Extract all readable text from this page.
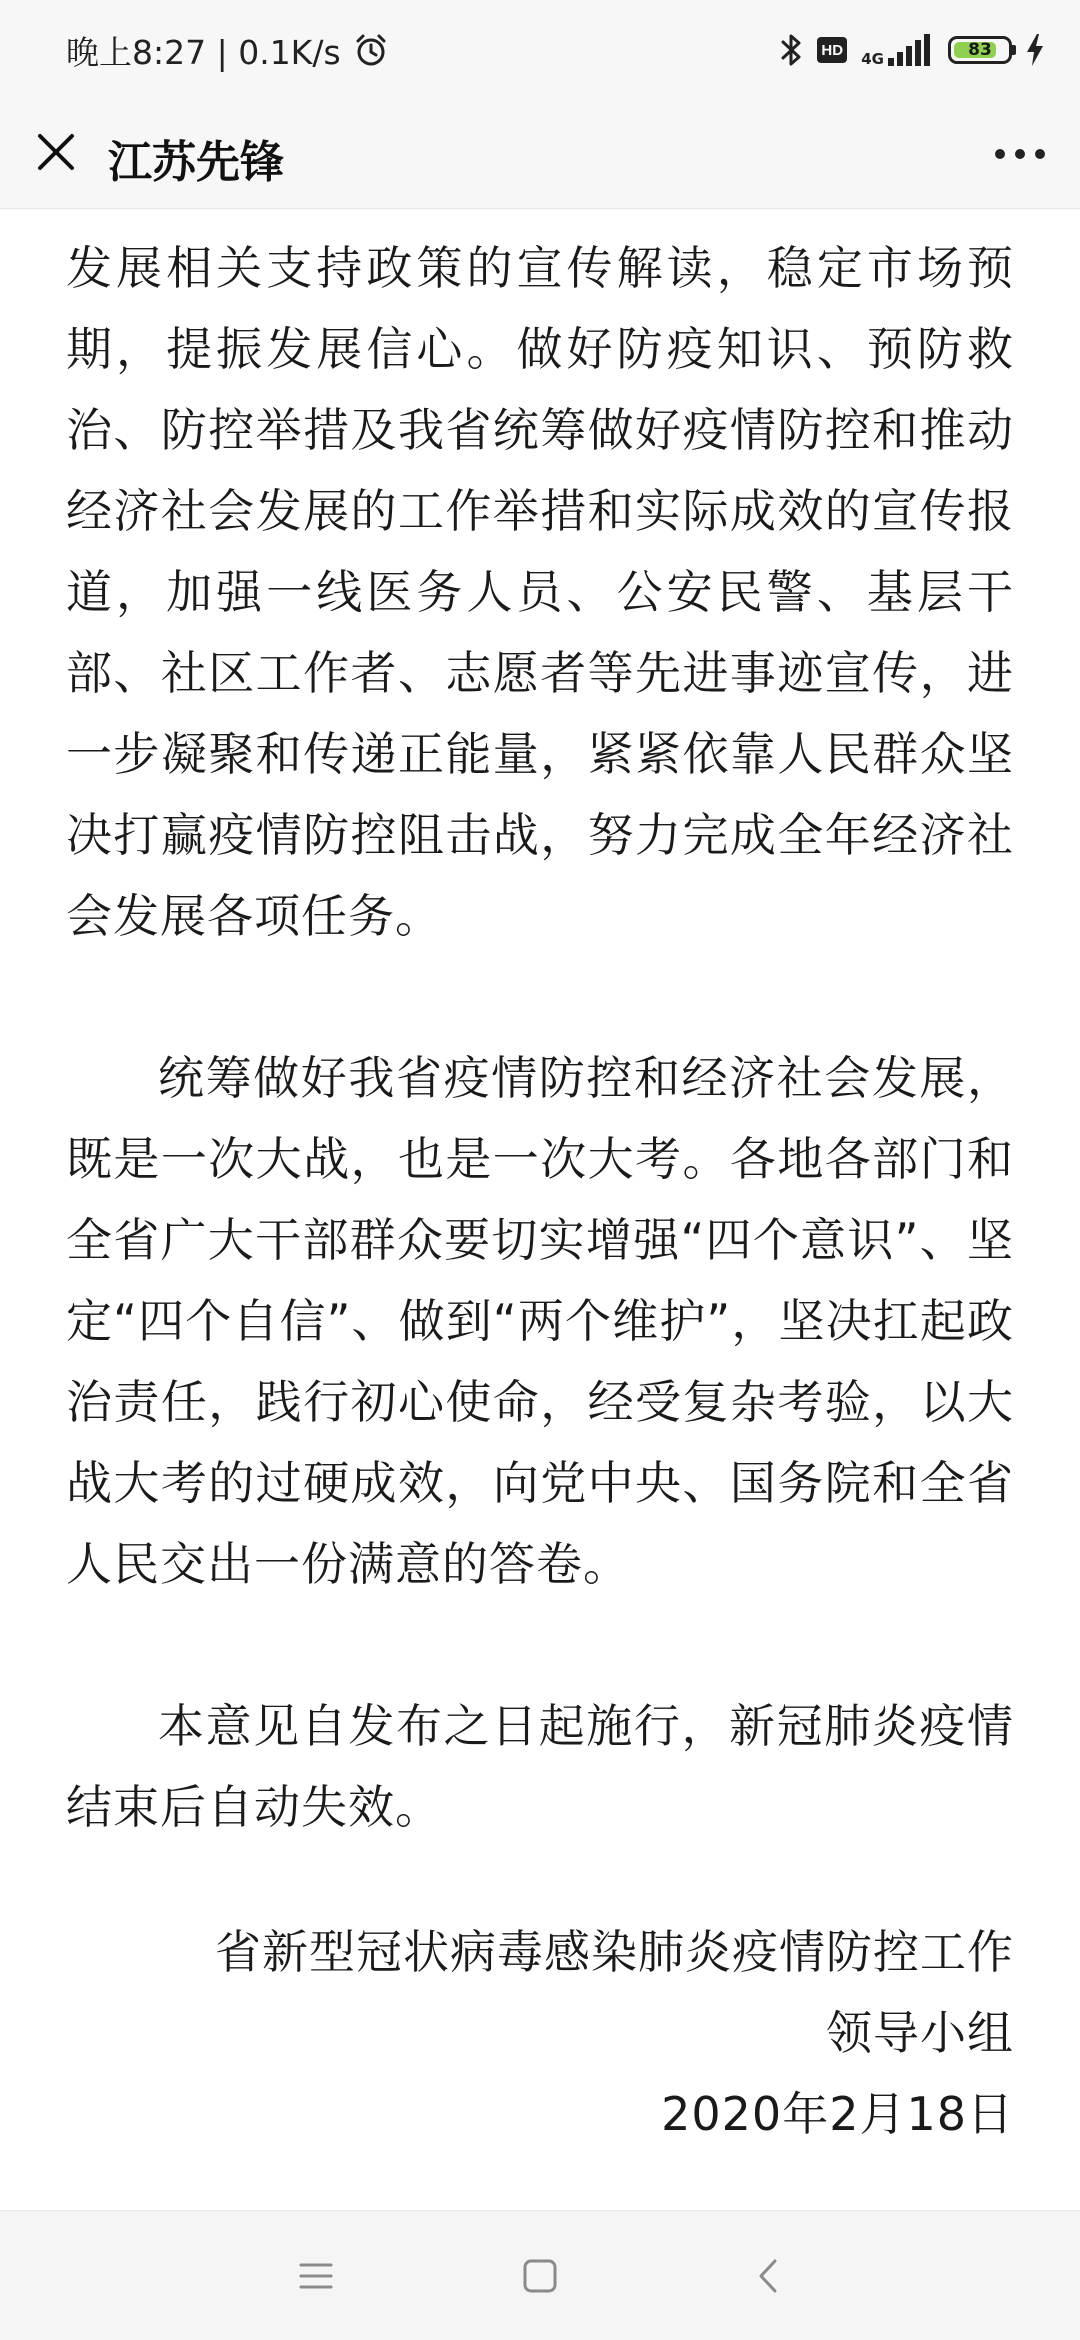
晚上8:27 | 0.1K/s	HD 4G	83
江苏先锋

发展相关支持政策的宣传解读，稳定市场预期，提振发展信心。做好防疫知识、预防救治、防控举措及我省统筹做好疫情防控和推动经济社会发展的工作举措和实际成效的宣传报道，加强一线医务人员、公安民警、基层干部、社区工作者、志愿者等先进事迹宣传，进一步凝聚和传递正能量，紧紧依靠人民群众坚决打赢疫情防控阻击战，努力完成全年经济社会发展各项任务。

统筹做好我省疫情防控和经济社会发展，既是一次大战，也是一次大考。各地各部门和全省广大干部群众要切实增强“四个意识”、坚定“四个自信”、做到“两个维护”，坚决扛起政治责任，践行初心使命，经受复杂考验，以大战大考的过硬成效，向党中央、国务院和全省人民交出一份满意的答卷。

本意见自发布之日起施行，新冠肺炎疫情结束后自动失效。

省新型冠状病毒感染肺炎疫情防控工作
领导小组
2020年2月18日
